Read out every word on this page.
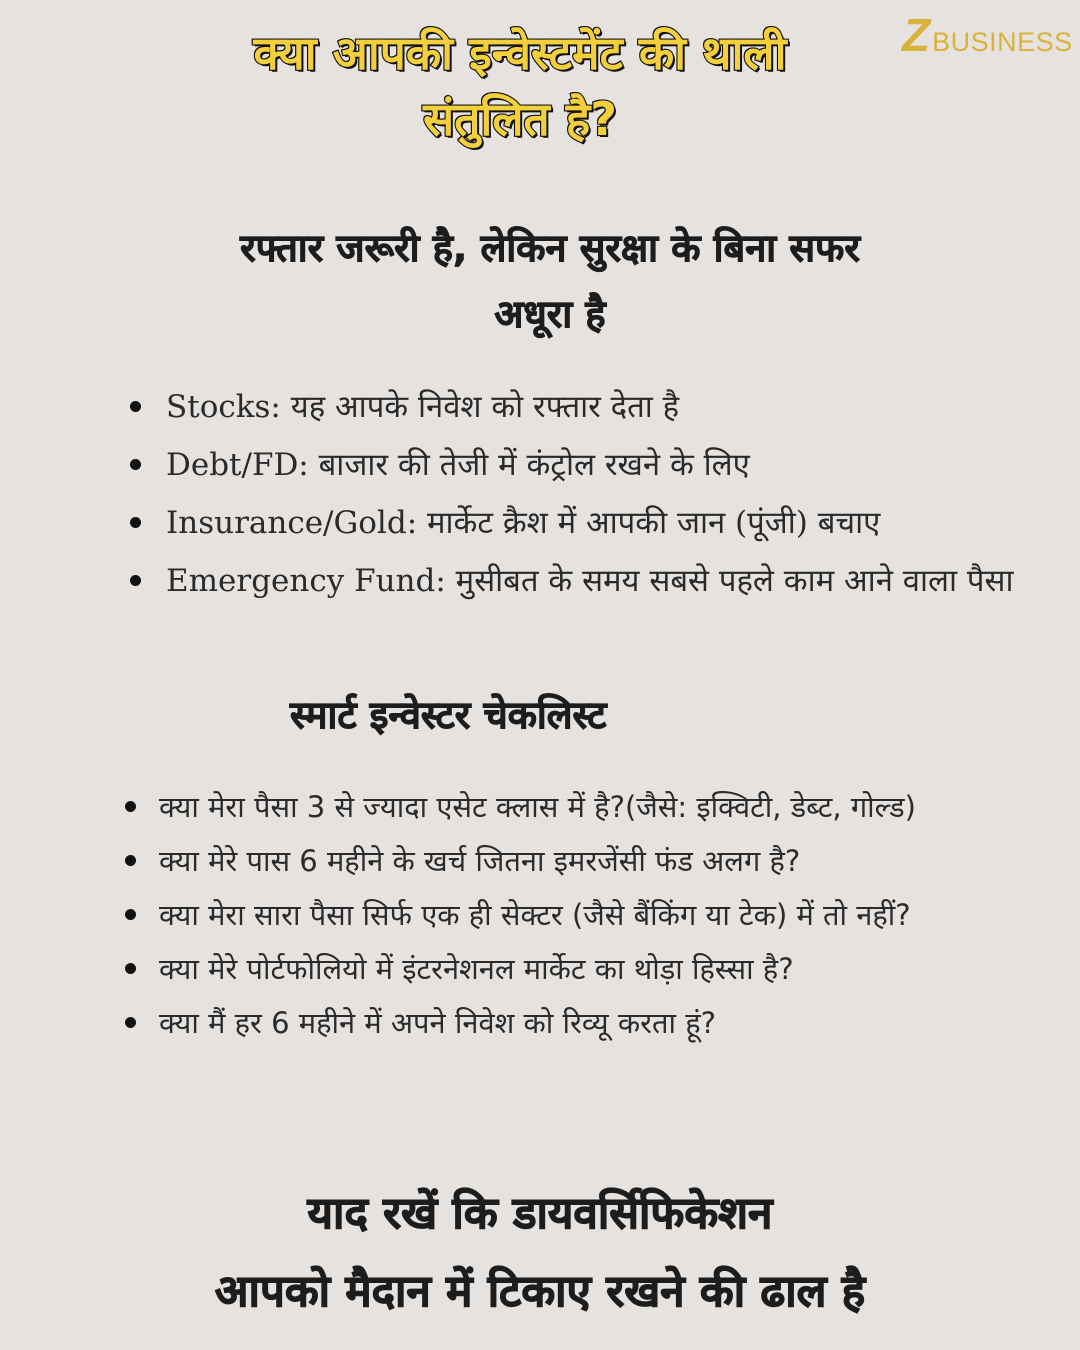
Z BUSINESS
क्या आपकी इन्वेस्टमेंट की थाली
संतुलित है?
रफ्तार जरूरी है, लेकिन सुरक्षा के बिना सफर
अधूरा है
Stocks: यह आपके निवेश को रफ्तार देता है
Debt/FD: बाजार की तेजी में कंट्रोल रखने के लिए
Insurance/Gold: मार्केट क्रैश में आपकी जान (पूंजी) बचाए
Emergency Fund: मुसीबत के समय सबसे पहले काम आने वाला पैसा
स्मार्ट इन्वेस्टर चेकलिस्ट
क्या मेरा पैसा 3 से ज्यादा एसेट क्लास में है?(जैसे: इक्विटी, डेब्ट, गोल्ड)
क्या मेरे पास 6 महीने के खर्च जितना इमरजेंसी फंड अलग है?
क्या मेरा सारा पैसा सिर्फ एक ही सेक्टर (जैसे बैंकिंग या टेक) में तो नहीं?
क्या मेरे पोर्टफोलियो में इंटरनेशनल मार्केट का थोड़ा हिस्सा है?
क्या मैं हर 6 महीने में अपने निवेश को रिव्यू करता हूं?
याद रखें कि डायवर्सिफिकेशन
आपको मैदान में टिकाए रखने की ढाल है
